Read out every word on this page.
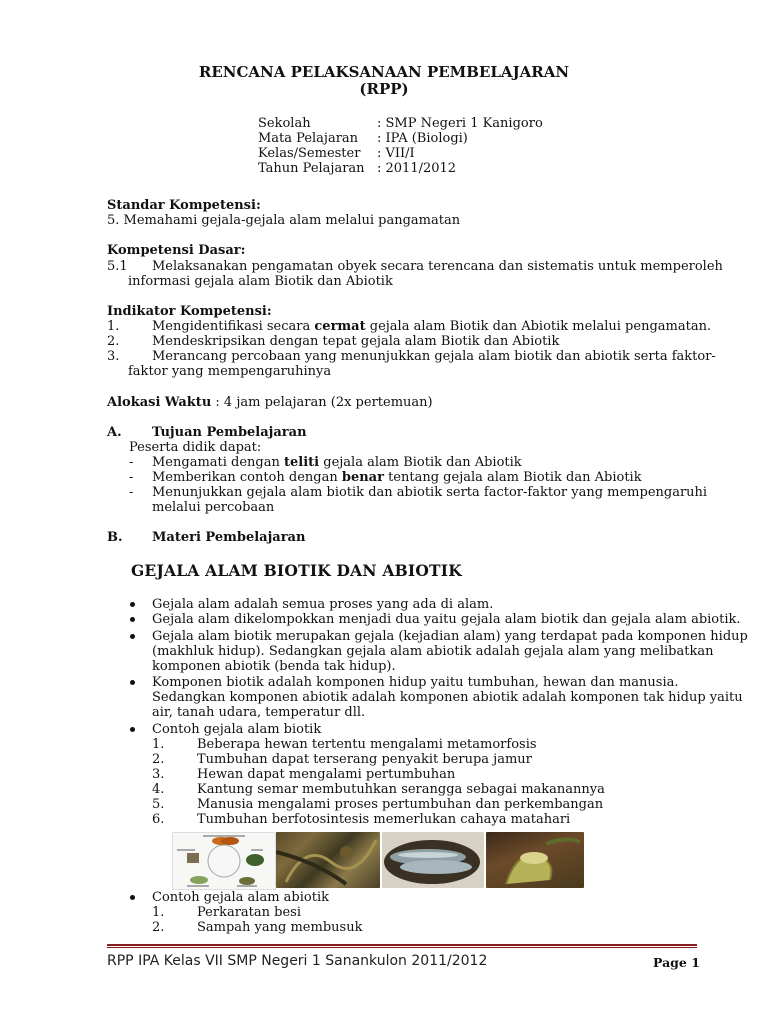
RENCANA PELAKSANAAN PEMBELAJARAN
(RPP)
Sekolah	: SMP Negeri 1 Kanigoro
Mata Pelajaran : IPA (Biologi)
Kelas/Semester : VII/I
Tahun Pelajaran : 2011/2012
Standar Kompetensi:
5. Memahami gejala-gejala alam melalui pangamatan
Kompetensi Dasar:
5.1 Melaksanakan pengamatan obyek secara terencana dan sistematis untuk memperoleh
informasi gejala alam Biotik dan Abiotik
Indikator Kompetensi:
1.	Mengidentifikasi secara cermat gejala alam Biotik dan Abiotik melalui pengamatan.
2.	Mendeskripsikan dengan tepat gejala alam Biotik dan Abiotik
3.	Merancang percobaan yang menunjukkan gejala alam biotik dan abiotik serta faktor-
faktor yang mempengaruhinya
Alokasi Waktu : 4 jam pelajaran (2x pertemuan)
A. Tujuan Pembelajaran
Peserta didik dapat:
- Mengamati dengan teliti gejala alam Biotik dan Abiotik
- Memberikan contoh dengan benar tentang gejala alam Biotik dan Abiotik
- Menunjukkan gejala alam biotik dan abiotik serta factor-faktor yang mempengaruhi
melalui percobaan
B. Materi Pembelajaran
GEJALA ALAM BIOTIK DAN ABIOTIK
Gejala alam adalah semua proses yang ada di alam.
Gejala alam dikelompokkan menjadi dua yaitu gejala alam biotik dan gejala alam abiotik.
Gejala alam biotik merupakan gejala (kejadian alam) yang terdapat pada komponen hidup
(makhluk hidup). Sedangkan gejala alam abiotik adalah gejala alam yang melibatkan
komponen abiotik (benda tak hidup).
Komponen biotik adalah komponen hidup yaitu tumbuhan, hewan dan manusia.
Sedangkan komponen abiotik adalah komponen abiotik adalah komponen tak hidup yaitu
air, tanah udara, temperatur dll.
Contoh gejala alam biotik
1.	Beberapa hewan tertentu mengalami metamorfosis
2.	Tumbuhan dapat terserang penyakit berupa jamur
3.	Hewan dapat mengalami pertumbuhan
4.	Kantung semar membutuhkan serangga sebagai makanannya
5.	Manusia mengalami proses pertumbuhan dan perkembangan
6.	Tumbuhan berfotosintesis memerlukan cahaya matahari
Contoh gejala alam abiotik
1.	Perkaratan besi
2.	Sampah yang membusuk
RPP IPA Kelas VII SMP Negeri 1 Sanankulon 2011/2012	Page 1
